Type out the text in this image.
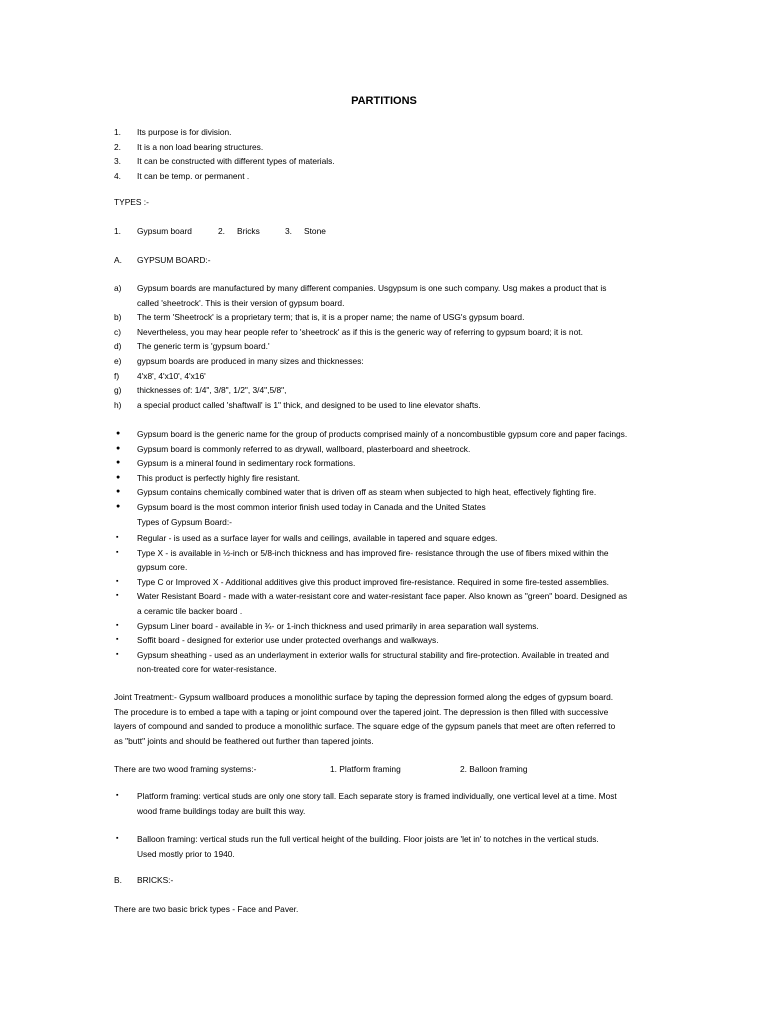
PARTITIONS
1. Its purpose is for division.
2. It is a non load bearing structures.
3. It can be constructed with different types of materials.
4. It can be temp. or permanent .
TYPES :-
1. Gypsum board	2. Bricks	3. Stone
A. GYPSUM BOARD:-
a) Gypsum boards are manufactured by many different companies. Usgypsum is one such company. Usg makes a product that is
called 'sheetrock'. This is their version of gypsum board.
b) The term 'Sheetrock' is a proprietary term; that is, it is a proper name; the name of USG's gypsum board.
c) Nevertheless, you may hear people refer to 'sheetrock' as if this is the generic way of referring to gypsum board; it is not.
d) The generic term is 'gypsum board.'
e) gypsum boards are produced in many sizes and thicknesses:
f) 4'x8', 4'x10', 4'x16'
g) thicknesses of: 1/4", 3/8", 1/2", 3/4",5/8",
h) a special product called 'shaftwall' is 1" thick, and designed to be used to line elevator shafts.
● Gypsum board is the generic name for the group of products comprised mainly of a noncombustible gypsum core and paper facings.
● Gypsum board is commonly referred to as drywall, wallboard, plasterboard and sheetrock.
● Gypsum is a mineral found in sedimentary rock formations.
● This product is perfectly highly fire resistant.
● Gypsum contains chemically combined water that is driven off as steam when subjected to high heat, effectively fighting fire.
● Gypsum board is the most common interior finish used today in Canada and the United States
Types of Gypsum Board:-
▪ Regular - is used as a surface layer for walls and ceilings, available in tapered and square edges.
▪ Type X - is available in ½-inch or 5/8-inch thickness and has improved fire- resistance through the use of fibers mixed within the
gypsum core.
▪ Type C or Improved X - Additional additives give this product improved fire-resistance. Required in some fire-tested assemblies.
▪ Water Resistant Board - made with a water-resistant core and water-resistant face paper. Also known as "green" board. Designed as
a ceramic tile backer board .
▪ Gypsum Liner board - available in ¾- or 1-inch thickness and used primarily in area separation wall systems.
▪ Soffit board - designed for exterior use under protected overhangs and walkways.
▪ Gypsum sheathing - used as an underlayment in exterior walls for structural stability and fire-protection. Available in treated and
non-treated core for water-resistance.
Joint Treatment:- Gypsum wallboard produces a monolithic surface by taping the depression formed along the edges of gypsum board.
The procedure is to embed a tape with a taping or joint compound over the tapered joint. The depression is then filled with successive
layers of compound and sanded to produce a monolithic surface. The square edge of the gypsum panels that meet are often referred to
as "butt" joints and should be feathered out further than tapered joints.
There are two wood framing systems:-	1. Platform framing	2. Balloon framing
▪ Platform framing: vertical studs are only one story tall. Each separate story is framed individually, one vertical level at a time. Most
wood frame buildings today are built this way.
▪ Balloon framing: vertical studs run the full vertical height of the building. Floor joists are 'let in' to notches in the vertical studs.
Used mostly prior to 1940.
B. BRICKS:-
There are two basic brick types - Face and Paver.
